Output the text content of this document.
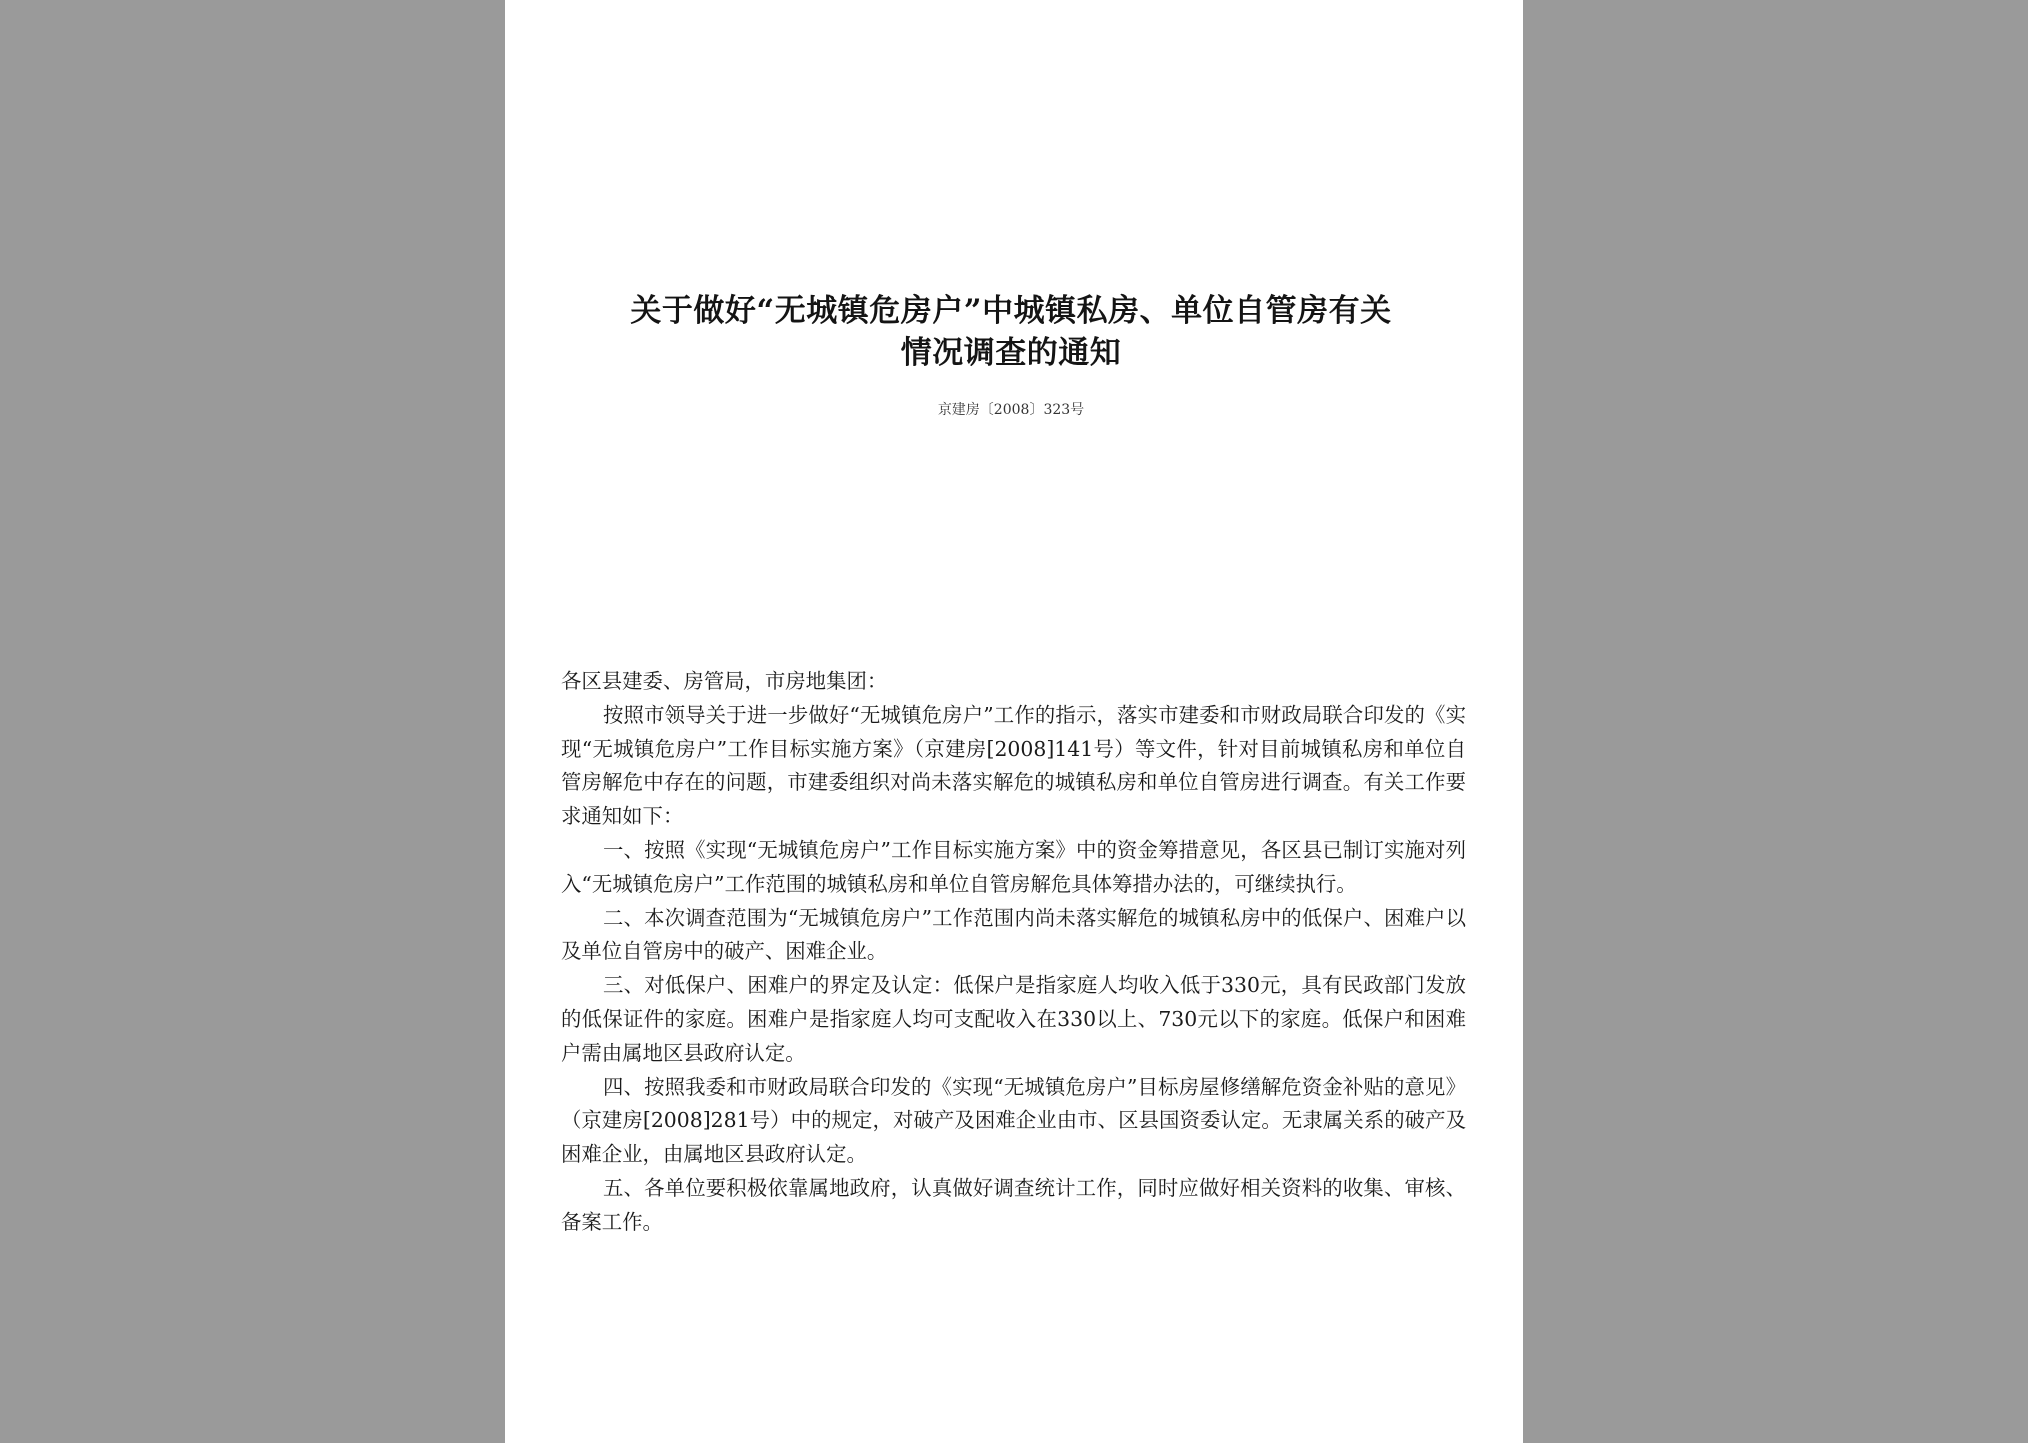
关于做好“无城镇危房户”中城镇私房、单位自管房有关
情况调查的通知
京建房〔2008〕323号

各区县建委、房管局，市房地集团：

按照市领导关于进一步做好“无城镇危房户”工作的指示，落实市建委和市财政局联合印发的《实现“无城镇危房户”工作目标实施方案》（京建房[2008]141号）等文件，针对目前城镇私房和单位自管房解危中存在的问题，市建委组织对尚未落实解危的城镇私房和单位自管房进行调查。有关工作要求通知如下：

一、按照《实现“无城镇危房户”工作目标实施方案》中的资金筹措意见，各区县已制订实施对列入“无城镇危房户”工作范围的城镇私房和单位自管房解危具体筹措办法的，可继续执行。

二、本次调查范围为“无城镇危房户”工作范围内尚未落实解危的城镇私房中的低保户、困难户以及单位自管房中的破产、困难企业。

三、对低保户、困难户的界定及认定：低保户是指家庭人均收入低于330元，具有民政部门发放的低保证件的家庭。困难户是指家庭人均可支配收入在330以上、730元以下的家庭。低保户和困难户需由属地区县政府认定。

四、按照我委和市财政局联合印发的《实现“无城镇危房户”目标房屋修缮解危资金补贴的意见》（京建房[2008]281号）中的规定，对破产及困难企业由市、区县国资委认定。无隶属关系的破产及困难企业，由属地区县政府认定。

五、各单位要积极依靠属地政府，认真做好调查统计工作，同时应做好相关资料的收集、审核、备案工作。
